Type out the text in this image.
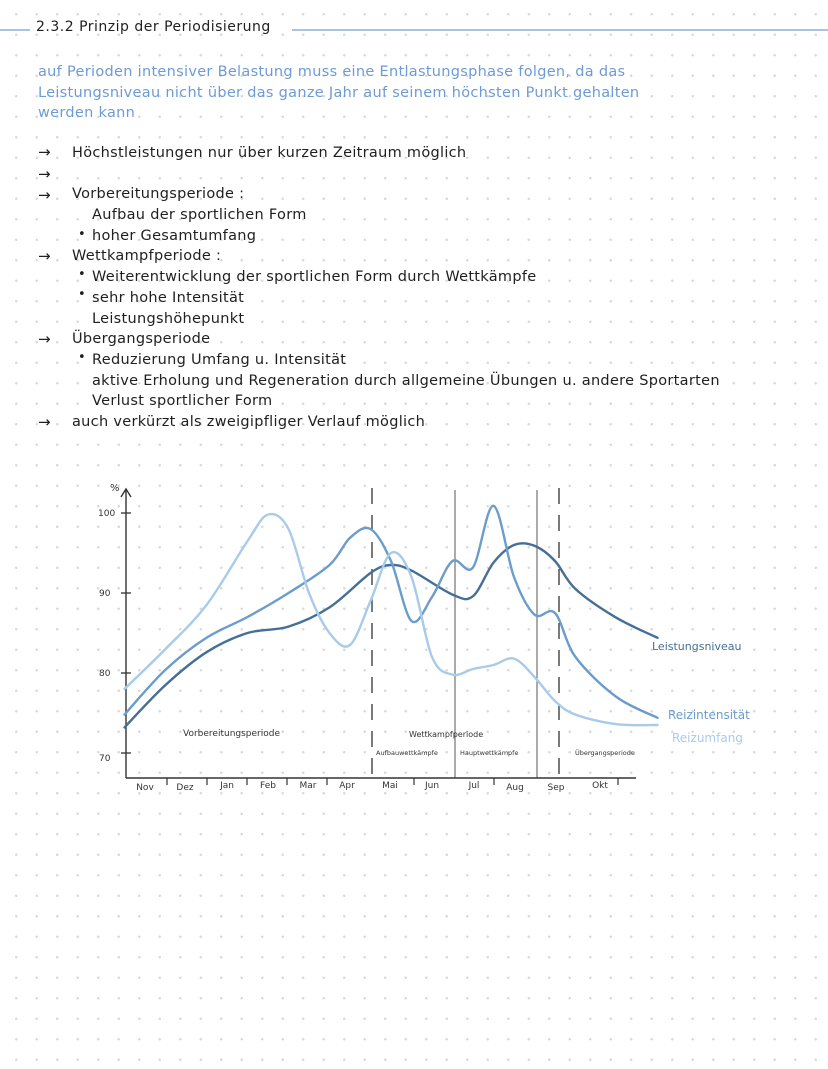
2.3.2 Prinzip der Periodisierung
auf Perioden intensiver Belastung muss eine Entlastungsphase folgen, da das
Leistungsniveau nicht über das ganze Jahr auf seinem höchsten Punkt gehalten
werden kann
→ Höchstleistungen nur über kurzen Zeitraum möglich
→
→ Vorbereitungsperiode :
Aufbau der sportlichen Form
• hoher Gesamtumfang
→ Wettkampfperiode :
• Weiterentwicklung der sportlichen Form durch Wettkämpfe
• sehr hohe Intensität
Leistungshöhepunkt
→ Übergangsperiode
• Reduzierung Umfang u. Intensität
aktive Erholung und Regeneration durch allgemeine Übungen u. andere Sportarten
Verlust sportlicher Form
→ auch verkürzt als zweigipfliger Verlauf möglich
%
100
90
80
70
Nov	Dez	Jan	Feb	Mar	Apr	Mai	Jun	Jul	Aug	Sep	Okt
Vorbereitungsperiode	Wettkampfperiode
Aufbauwettkämpfe	Hauptwettkämpfe	Übergangsperiode
Leistungsniveau
Reizintensität
Reizumfang
